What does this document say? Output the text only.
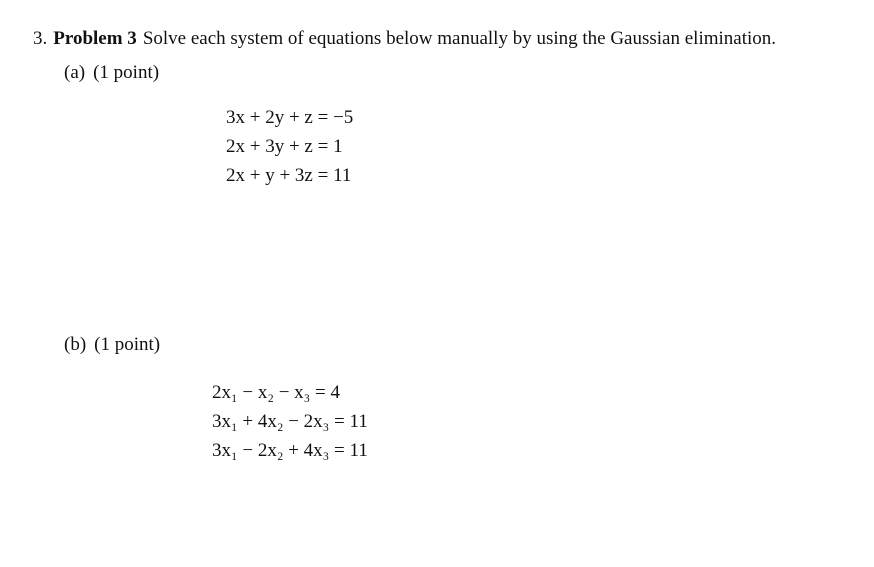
3. Problem 3 Solve each system of equations below manually by using the Gaussian elimination.
(a) (1 point)
3x + 2y + z = −5
2x + 3y + z = 1
2x + y + 3z = 11
(b) (1 point)
2x₁ − x₂ − x₃ = 4
3x₁ + 4x₂ − 2x₃ = 11
3x₁ − 2x₂ + 4x₃ = 11
